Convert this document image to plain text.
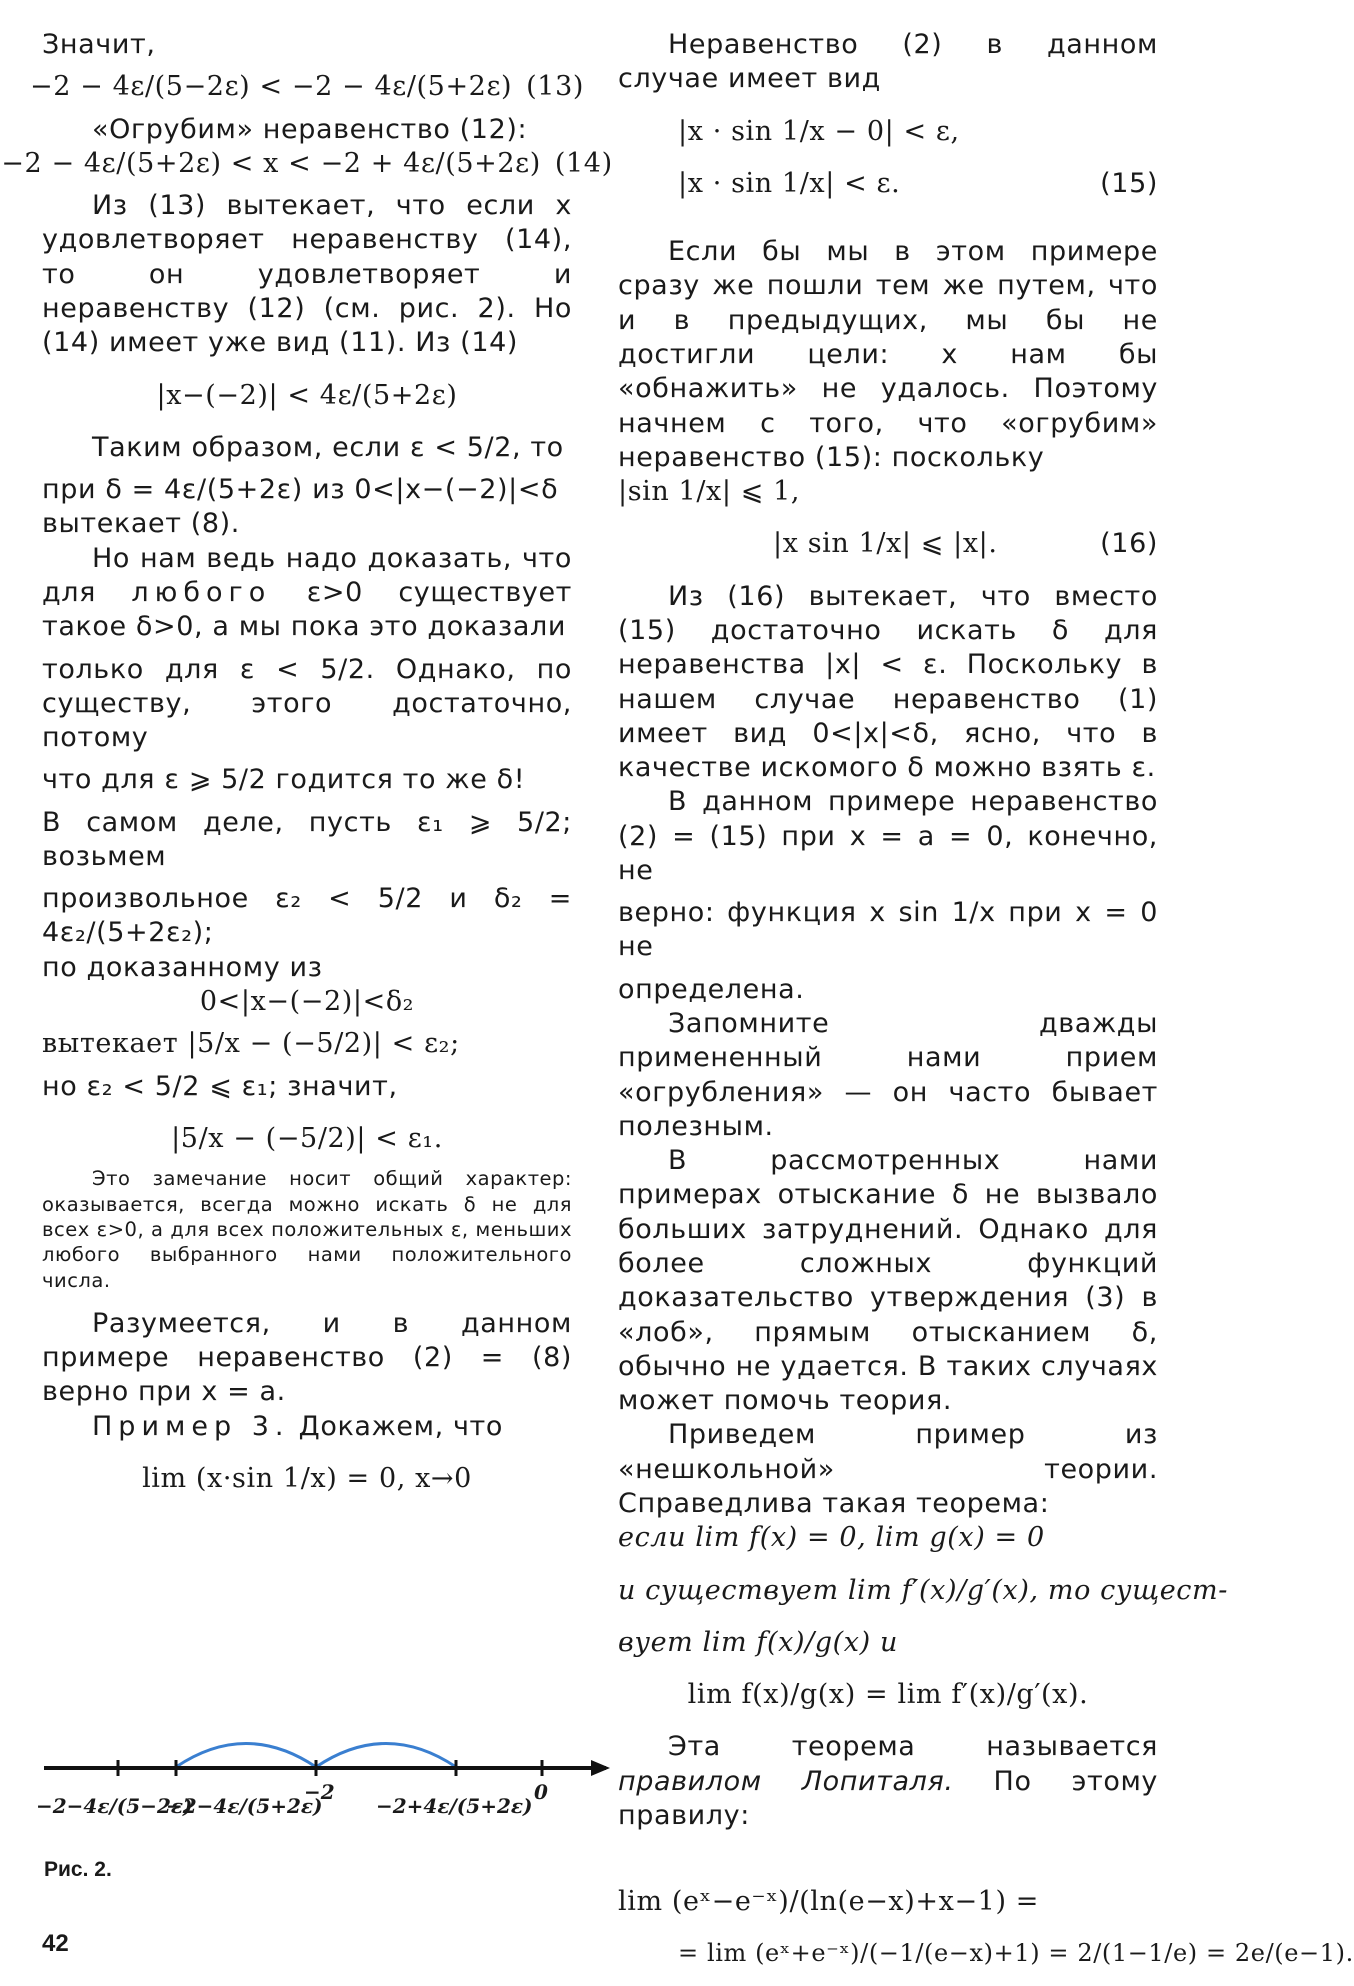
Значит,

−2 − 4ε/(5−2ε) < −2 − 4ε/(5+2ε) (13)

«Огрубим» неравенство (12):

−2 − 4ε/(5+2ε) < x < −2 + 4ε/(5+2ε) (14)

Из (13) вытекает, что если x удовлетворяет неравенству (14), то он удовлетворяет и неравенству (12) (см. рис. 2). Но (14) имеет уже вид (11). Из (14)

|x−(−2)| < 4ε/(5+2ε)

Таким образом, если ε < 5/2, то

при δ = 4ε/(5+2ε) из 0<|x−(−2)|<δ

вытекает (8).

Но нам ведь надо доказать, что для любого ε>0 существует такое δ>0, а мы пока это доказали

только для ε < 5/2. Однако, по существу, этого достаточно, потому

что для ε ⩾ 5/2 годится то же δ!

В самом деле, пусть ε₁ ⩾ 5/2; возьмем

произвольное ε₂ < 5/2 и δ₂ = 4ε₂/(5+2ε₂);

по доказанному из

0<|x−(−2)|<δ₂

вытекает |5/x − (−5/2)| < ε₂;

но ε₂ < 5/2 ⩽ ε₁; значит,

|5/x − (−5/2)| < ε₁.
Это замечание носит общий характер: оказывается, всегда можно искать δ не для всех ε>0, а для всех положительных ε, меньших любого выбранного нами положительного числа.

Разумеется, и в данном примере неравенство (2) = (8) верно при x = a.

Пример 3. Докажем, что

lim (x·sin 1/x) = 0, x→0
−2−4ε/(5−2ε)
−2−4ε/(5+2ε)
−2
−2+4ε/(5+2ε)
0
Рис. 2.
42

Неравенство (2) в данном случае имеет вид

|x · sin 1/x − 0| < ε,
|x · sin 1/x| < ε.	(15)

Если бы мы в этом примере сразу же пошли тем же путем, что и в предыдущих, мы бы не достигли цели: x нам бы «обнажить» не удалось. Поэтому начнем с того, что «огрубим» неравенство (15): поскольку

|sin 1/x| ⩽ 1,

|x sin 1/x| ⩽ |x|.	(16)

Из (16) вытекает, что вместо (15) достаточно искать δ для неравенства |x| < ε. Поскольку в нашем случае неравенство (1) имеет вид 0<|x|<δ, ясно, что в качестве искомого δ можно взять ε.

В данном примере неравенство (2) = (15) при x = a = 0, конечно, не

верно: функция x sin 1/x при x = 0 не

определена.

Запомните дважды примененный нами прием «огрубления» — он часто бывает полезным.

В рассмотренных нами примерах отыскание δ не вызвало больших затруднений. Однако для более сложных функций доказательство утверждения (3) в «лоб», прямым отысканием δ, обычно не удается. В таких случаях может помочь теория.

Приведем пример из «нешкольной» теории. Справедлива такая теорема:

если lim f(x) = 0, lim g(x) = 0

и существует lim f′(x)/g′(x), то сущест-

вует lim f(x)/g(x) и

lim f(x)/g(x) = lim f′(x)/g′(x).

Эта теорема называется правилом Лопиталя. По этому правилу:

lim (eˣ−e⁻ˣ)/(ln(e−x)+x−1) =
= lim (eˣ+e⁻ˣ)/(−1/(e−x)+1) = 2/(1−1/e) = 2e/(e−1).
